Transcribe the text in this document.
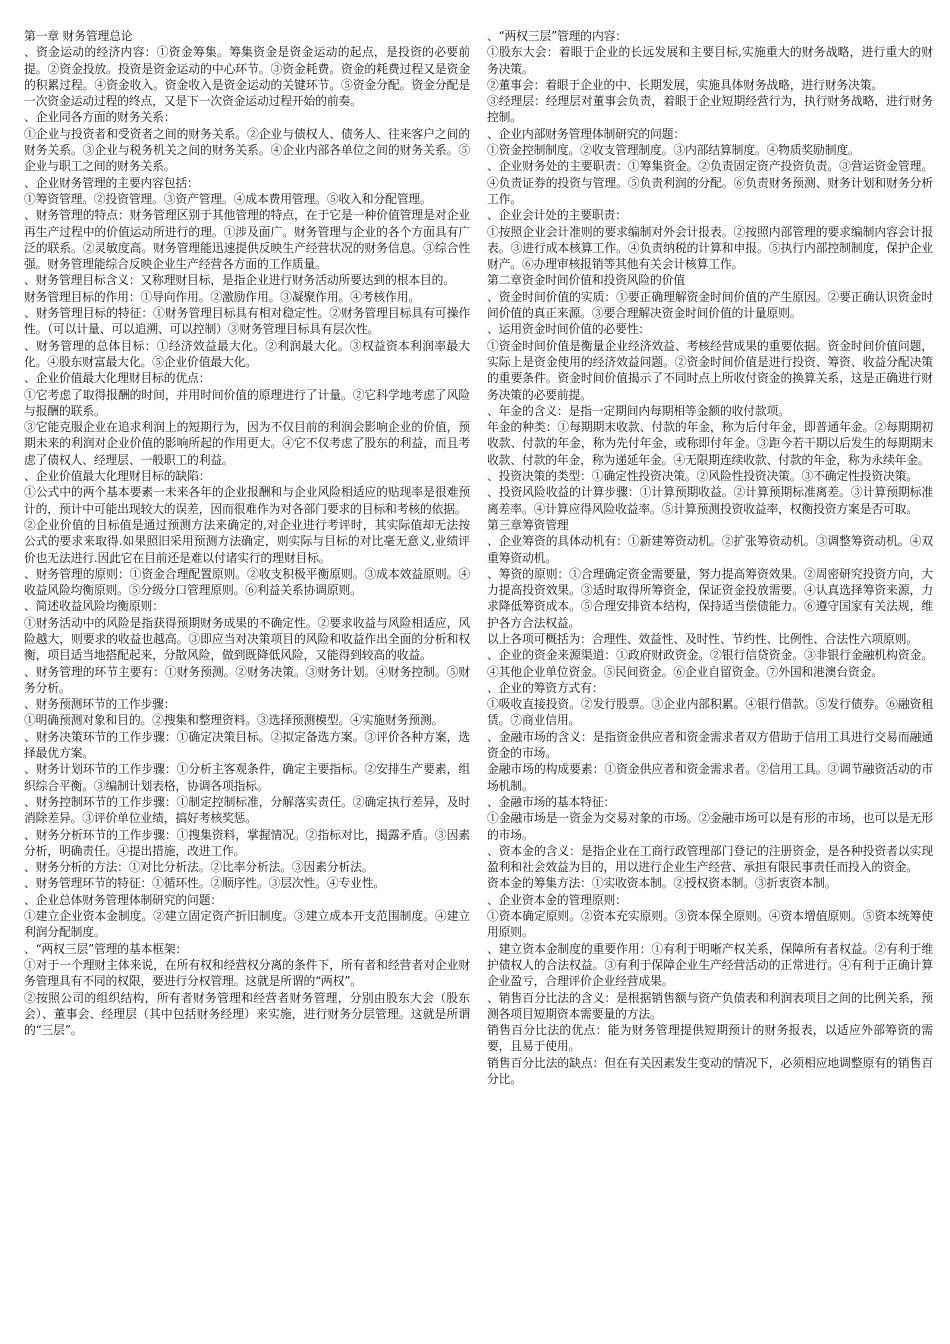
第一章 财务管理总论

、资金运动的经济内容：①资金筹集。筹集资金是资金运动的起点，是投资的必要前提。②资金投放。投资是资金运动的中心环节。③资金耗费。资金的耗费过程又是资金的积累过程。④资金收入。资金收入是资金运动的关键环节。⑤资金分配。资金分配是一次资金运动过程的终点，又是下一次资金运动过程开始的前奏。

、企业同各方面的财务关系：

①企业与投资者和受资者之间的财务关系。②企业与债权人、债务人、往来客户之间的财务关系。③企业与税务机关之间的财务关系。④企业内部各单位之间的财务关系。⑤企业与职工之间的财务关系。

、企业财务管理的主要内容包括：

①筹资管理。②投资管理。③资产管理。④成本费用管理。⑤收入和分配管理。

、财务管理的特点：财务管理区别于其他管理的特点，在于它是一种价值管理是对企业再生产过程中的价值运动所进行的理。①涉及面广。财务管理与企业的各个方面具有广泛的联系。②灵敏度高。财务管理能迅速提供反映生产经营状况的财务信息。③综合性强。财务管理能综合反映企业生产经营各方面的工作质量。

、财务管理目标含义：又称理财目标，是指企业进行财务活动所要达到的根本目的。

财务管理目标的作用：①导向作用。②激励作用。③凝聚作用。④考核作用。

、财务管理目标的特征：①财务管理目标具有相对稳定性。②财务管理目标具有可操作性。（可以计量、可以追溯、可以控制）③财务管理目标具有层次性。

、财务管理的总体目标：①经济效益最大化。②利润最大化。③权益资本利润率最大化。④股东财富最大化。⑤企业价值最大化。

、企业价值最大化理财目标的优点：

①它考虑了取得报酬的时间，并用时间价值的原理进行了计量。②它科学地考虑了风险与报酬的联系。

③它能克服企业在追求利润上的短期行为，因为不仅目前的利润会影响企业的价值，预期未来的利润对企业价值的影响所起的作用更大。④它不仅考虑了股东的利益，而且考虑了债权人、经理层、一般职工的利益。

、企业价值最大化理财目标的缺陷：

①公式中的两个基本要素一未来各年的企业报酬和与企业风险相适应的贴现率是很难预计的，预计中可能出现较大的误差，因而很难作为对各部门要求的目标和考核的依据。

②企业价值的目标值是通过预测方法来确定的,对企业进行考评时，其实际值却无法按公式的要求来取得.如果照旧采用预测方法确定，则实际与目标的对比毫无意义,业绩评价也无法进行.因此它在目前还是难以付诸实行的理财目标。

、财务管理的原则：①资金合理配置原则。②收支积极平衡原则。③成本效益原则。④收益风险均衡原则。⑤分级分口管理原则。⑥利益关系协调原则。

、简述收益风险均衡原则：

①财务活动中的风险是指获得预期财务成果的不确定性。②要求收益与风险相适应，风险越大，则要求的收益也越高。③即应当对决策项目的风险和收益作出全面的分析和权衡，项目适当地搭配起来，分散风险，做到既降低风险，又能得到较高的收益。

、财务管理的环节主要有：①财务预测。②财务决策。③财务计划。④财务控制。⑤财务分析。

、财务预测环节的工作步骤：

①明确预测对象和目的。②搜集和整理资料。③选择预测模型。④实施财务预测。

、财务决策环节的工作步骤：①确定决策目标。②拟定备选方案。③评价各种方案，选择最优方案。

、财务计划环节的工作步骤：①分析主客观条件，确定主要指标。②安排生产要素，组织综合平衡。③编制计划表格，协调各项指标。

、财务控制环节的工作步骤：①制定控制标准，分解落实责任。②确定执行差异，及时消除差异。③评价单位业绩，搞好考核奖惩。

、财务分析环节的工作步骤：①搜集资料，掌握情况。②指标对比，揭露矛盾。③因素分析，明确责任。④提出措施，改进工作。

、财务分析的方法：①对比分析法。②比率分析法。③因素分析法。

、财务管理环节的特征：①循环性。②顺序性。③层次性。④专业性。

、企业总体财务管理体制研究的问题：

①建立企业资本金制度。②建立固定资产折旧制度。③建立成本开支范围制度。④建立利润分配制度。

、“两权三层”管理的基本框架：

①对于一个理财主体来说，在所有权和经营权分离的条件下，所有者和经营者对企业财务管理具有不同的权限，要进行分权管理。这就是所谓的“两权”。

②按照公司的组织结构，所有者财务管理和经营者财务管理，分别由股东大会（股东会）、董事会、经理层（其中包括财务经理）来实施，进行财务分层管理。这就是所谓的“三层”。

、“两权三层”管理的内容：

①股东大会：着眼于企业的长远发展和主要目标,实施重大的财务战略，进行重大的财务决策。

②董事会：着眼于企业的中、长期发展，实施具体财务战略，进行财务决策。

③经理层：经理层对董事会负责，着眼于企业短期经营行为，执行财务战略，进行财务控制。

、企业内部财务管理体制研究的问题：

①资金控制制度。②收支管理制度。③内部结算制度。④物质奖励制度。

、企业财务处的主要职责：①筹集资金。②负责固定资产投资负责。③营运资金管理。④负责证券的投资与管理。⑤负责利润的分配。⑥负责财务预测、财务计划和财务分析工作。

、企业会计处的主要职责：

①按照企业会计准则的要求编制对外会计报表。②按照内部管理的要求编制内容会计报表。③进行成本核算工作。④负责纳税的计算和申报。⑤执行内部控制制度，保护企业财产。⑥办理审核报销等其他有关会计核算工作。

第二章资金时间价值和投资风险的价值

、资金时间价值的实质：①要正确理解资金时间价值的产生原因。②要正确认识资金时间价值的真正来源。③要合理解决资金时间价值的计量原则。

、运用资金时间价值的必要性：

①资金时间价值是衡量企业经济效益、考核经营成果的重要依据。资金时间价值问题，实际上是资金使用的经济效益问题。②资金时间价值是进行投资、筹资、收益分配决策的重要条件。资金时间价值揭示了不同时点上所收付资金的换算关系，这是正确进行财务决策的必要前提。

、年金的含义：是指一定期间内每期相等金额的收付款项。

年金的种类：①每期期末收款、付款的年金，称为后付年金，即普通年金。②每期期初收款、付款的年金，称为先付年金，或称即付年金。③距今若干期以后发生的每期期末收款、付款的年金，称为递延年金。④无限期连续收款、付款的年金，称为永续年金。

、投资决策的类型：①确定性投资决策。②风险性投资决策。③不确定性投资决策。

、投资风险收益的计算步骤：①计算预期收益。②计算预期标准离差。③计算预期标准离差率。④计算应得风险收益率。⑤计算预测投资收益率，权衡投资方案是否可取。

第三章筹资管理

、企业筹资的具体动机有：①新建筹资动机。②扩张筹资动机。③调整筹资动机。④双重筹资动机。

、筹资的原则：①合理确定资金需要量，努力提高筹资效果。②周密研究投资方向，大力提高投资效果。③适时取得所筹资金，保证资金投放需要。④认真选择筹资来源，力求降低筹资成本。⑤合理安排资本结构，保持适当偿债能力。⑥遵守国家有关法规，维护各方合法权益。

以上各项可概括为：合理性、效益性、及时性、节约性、比例性、合法性六项原则。

、企业的资金来源渠道：①政府财政资金。②银行信贷资金。③非银行金融机构资金。④其他企业单位资金。⑤民间资金。⑥企业自留资金。⑦外国和港澳台资金。

、企业的筹资方式有：

①吸收直接投资。②发行股票。③企业内部积累。④银行借款。⑤发行债券。⑥融资租赁。⑦商业信用。

、金融市场的含义：是指资金供应者和资金需求者双方借助于信用工具进行交易而融通资金的市场。

金融市场的构成要素：①资金供应者和资金需求者。②信用工具。③调节融资活动的市场机制。

、金融市场的基本特征：

①金融市场是一资金为交易对象的市场。②金融市场可以是有形的市场，也可以是无形的市场。

、资本金的含义：是指企业在工商行政管理部门登记的注册资金，是各种投资者以实现盈利和社会效益为目的，用以进行企业生产经营、承担有限民事责任而投入的资金。

资本金的筹集方法：①实收资本制。②授权资本制。③折衷资本制。

、企业资本金的管理原则：

①资本确定原则。②资本充实原则。③资本保全原则。④资本增值原则。⑤资本统筹使用原则。

、建立资本金制度的重要作用：①有利于明晰产权关系，保障所有者权益。②有利于维护债权人的合法权益。③有利于保障企业生产经营活动的正常进行。④有利于正确计算企业盈亏，合理评价企业经营成果。

、销售百分比法的含义：是根据销售额与资产负债表和利润表项目之间的比例关系，预测各项目短期资本需要量的方法。

销售百分比法的优点：能为财务管理提供短期预计的财务报表，以适应外部筹资的需要，且易于使用。

销售百分比法的缺点：但在有关因素发生变动的情况下，必须相应地调整原有的销售百分比。
